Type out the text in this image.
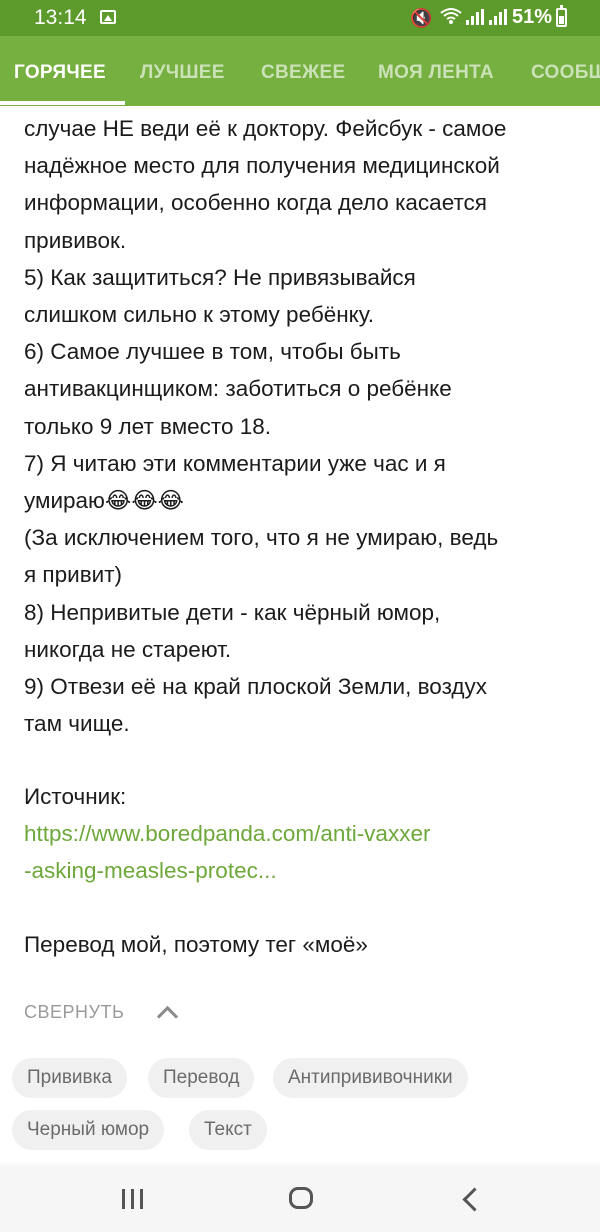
13:14	🔇	51%
ГОРЯЧЕЕ ЛУЧШЕЕ СВЕЖЕЕ МОЯ ЛЕНТА СООБЩ

случае НЕ веди её к доктору. Фейсбук - самое
надёжное место для получения медицинской
информации, особенно когда дело касается
прививок.
5) Как защититься? Не привязывайся
слишком сильно к этому ребёнку.
6) Самое лучшее в том, чтобы быть
антивакцинщиком: заботиться о ребёнке
только 9 лет вместо 18.
7) Я читаю эти комментарии уже час и я
умираю😂😂😂
(За исключением того, что я не умираю, ведь
я привит)
8) Непривитые дети - как чёрный юмор,
никогда не стареют.
9) Отвези её на край плоской Земли, воздух
там чище.

Источник:

https://www.boredpanda.com/anti-vaxxer
-asking-measles-protec...

Перевод мой, поэтому тег «моё»

СВЕРНУТЬ
Прививка	Перевод	Антипрививочники
Черный юмор	Текст
